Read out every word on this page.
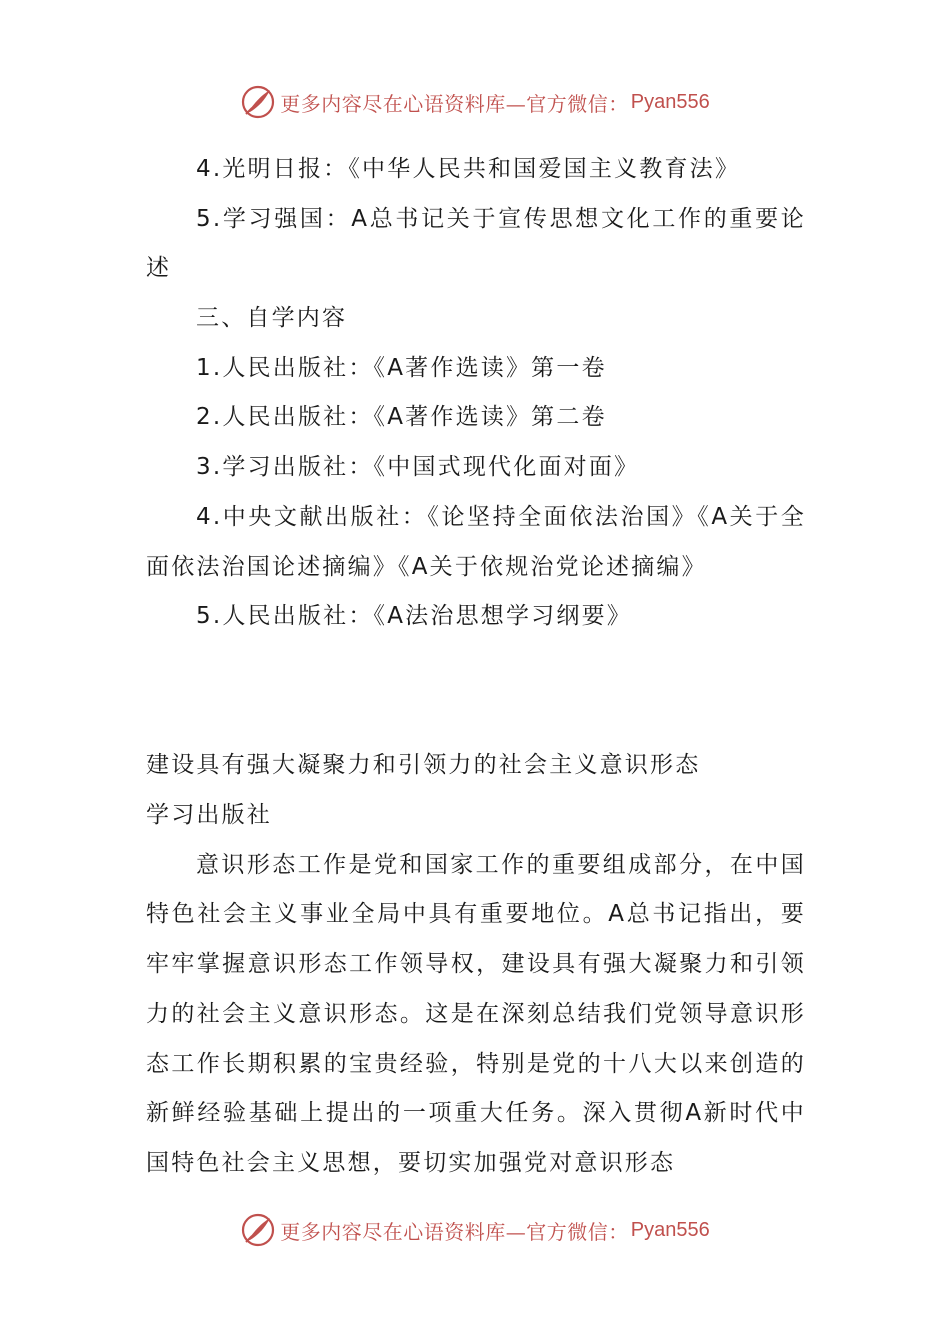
更多内容尽在心语资料库—官方微信： Pyan556
4.光明日报：《中华人民共和国爱国主义教育法》
5.学习强国：A总书记关于宣传思想文化工作的重要论述
三、自学内容
1.人民出版社：《A著作选读》第一卷
2.人民出版社：《A著作选读》第二卷
3.学习出版社：《中国式现代化面对面》
4.中央文献出版社：《论坚持全面依法治国》《A关于全面依法治国论述摘编》《A关于依规治党论述摘编》
5.人民出版社：《A法治思想学习纲要》
建设具有强大凝聚力和引领力的社会主义意识形态
学习出版社
意识形态工作是党和国家工作的重要组成部分，在中国特色社会主义事业全局中具有重要地位。A总书记指出，要牢牢掌握意识形态工作领导权，建设具有强大凝聚力和引领力的社会主义意识形态。这是在深刻总结我们党领导意识形态工作长期积累的宝贵经验，特别是党的十八大以来创造的新鲜经验基础上提出的一项重大任务。深入贯彻A新时代中国特色社会主义思想，要切实加强党对意识形态
更多内容尽在心语资料库—官方微信： Pyan556
